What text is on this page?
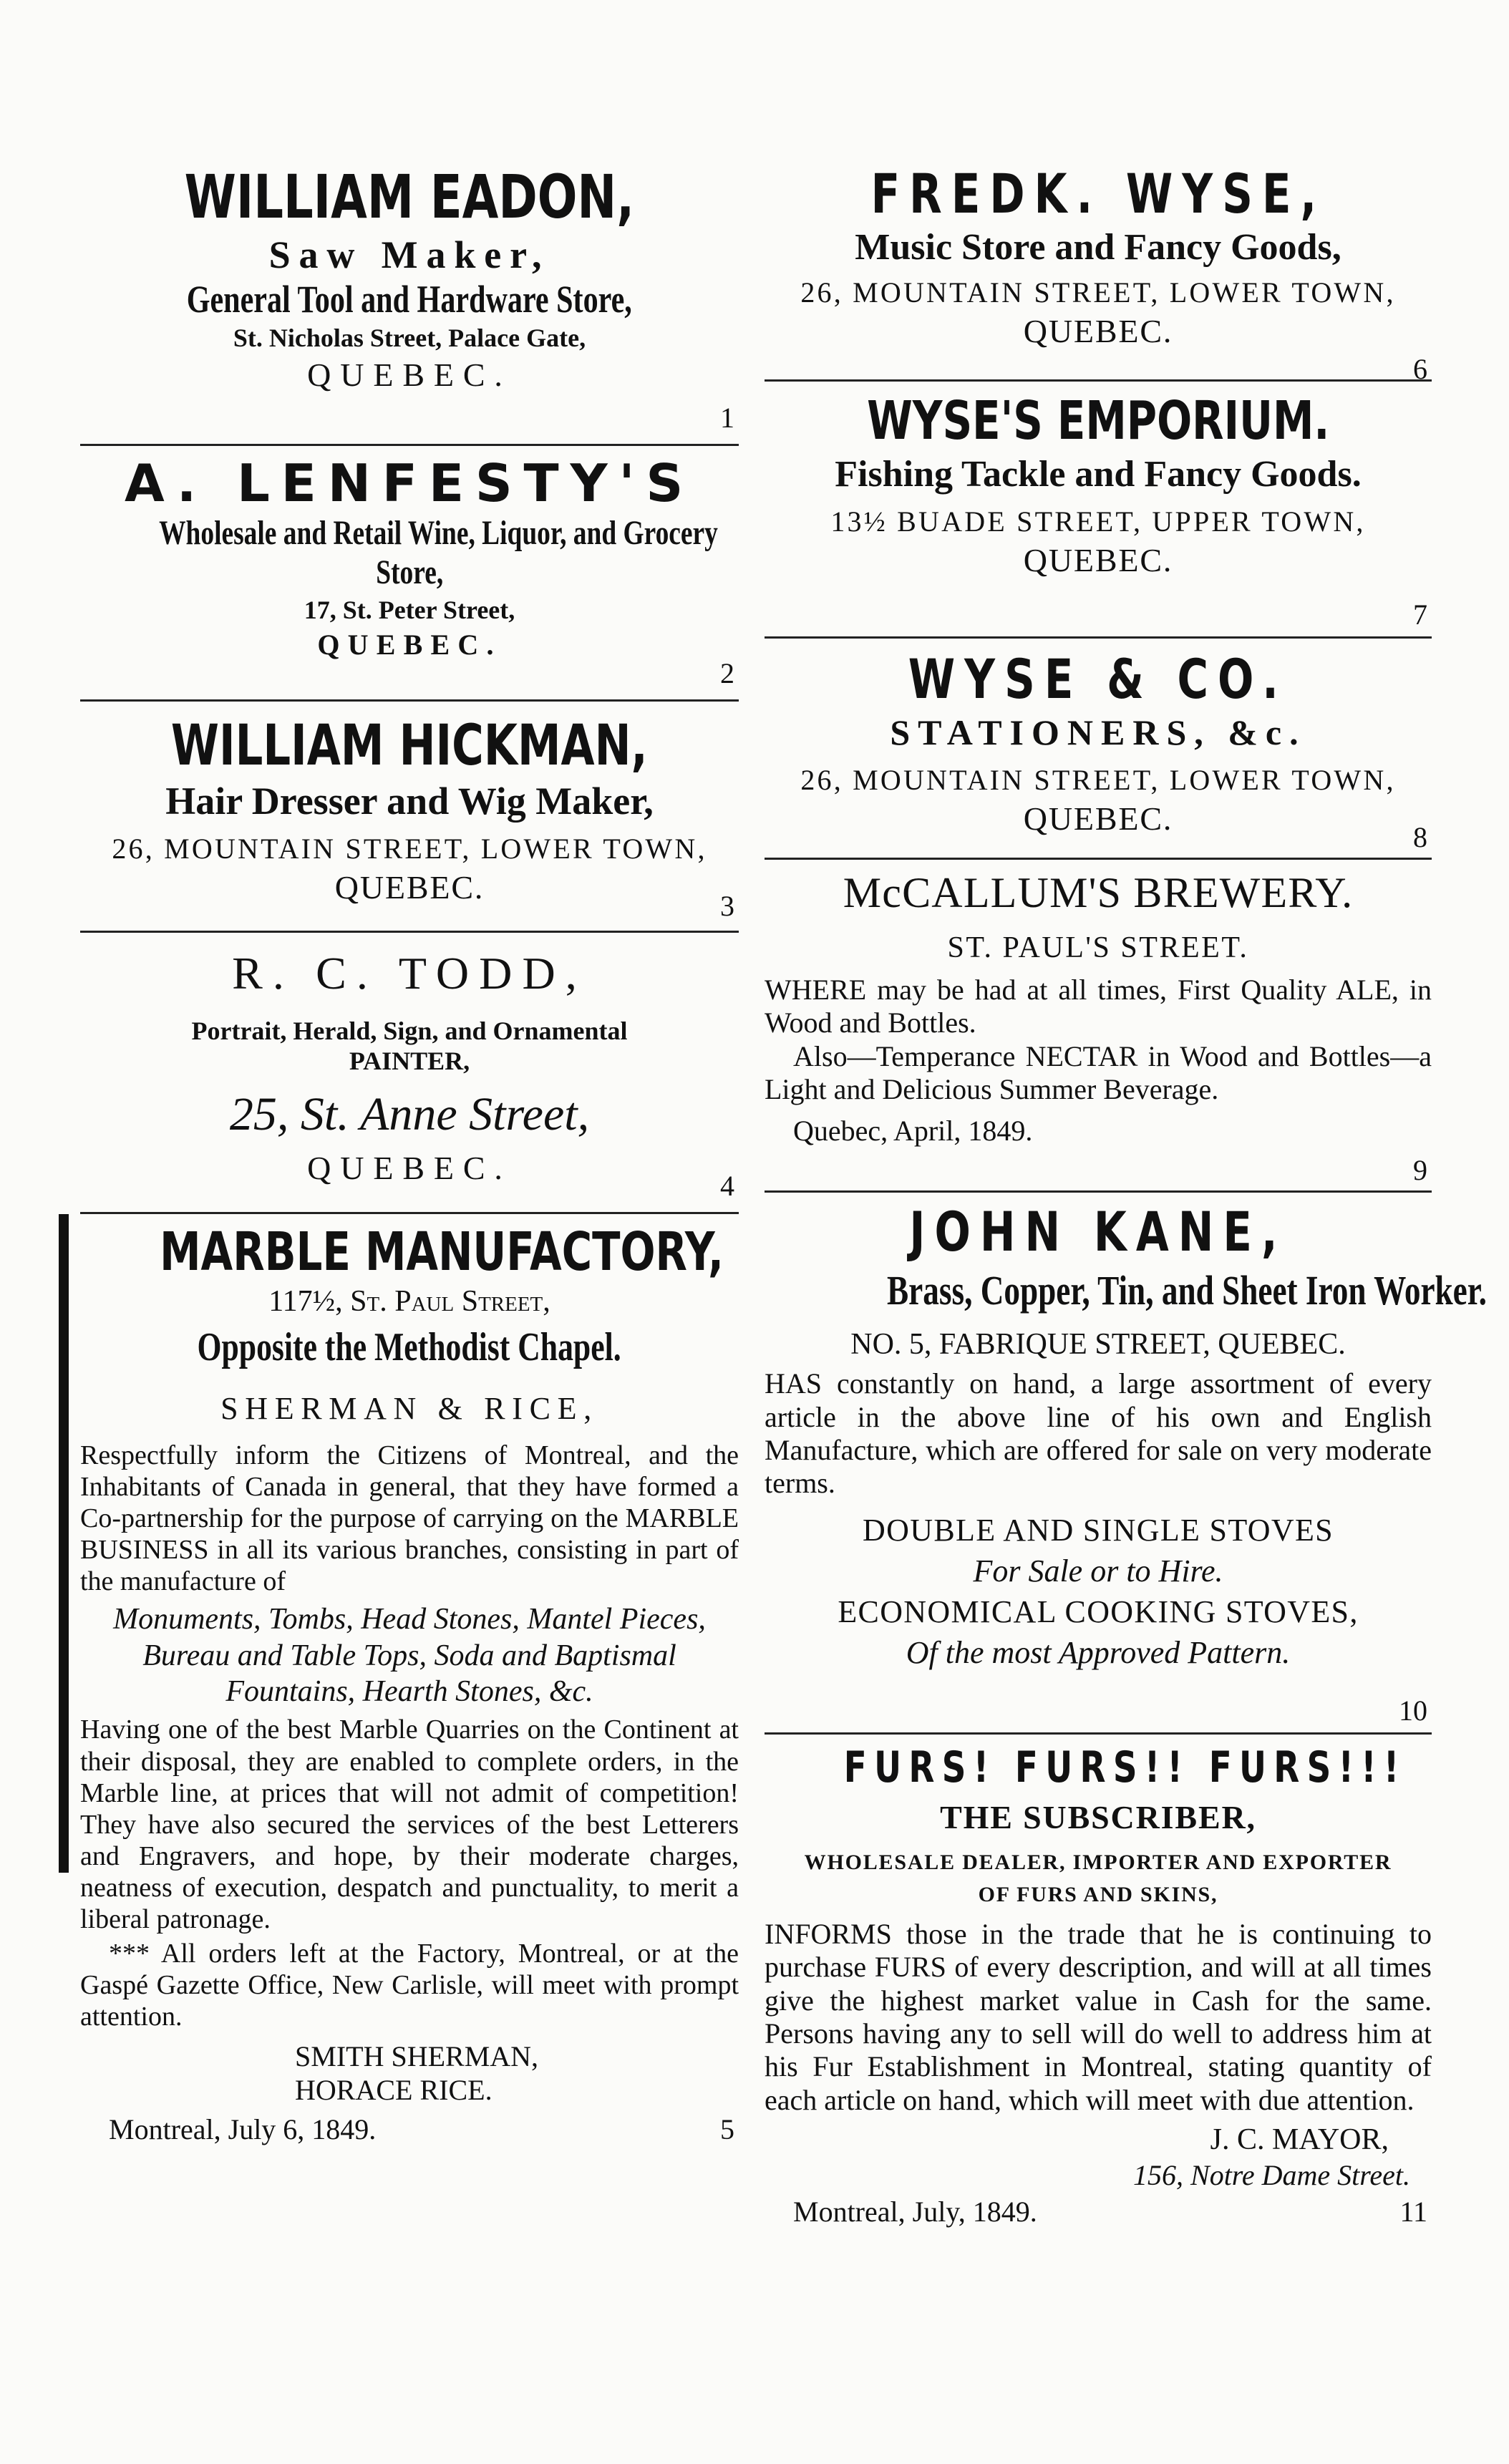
WILLIAM EADON,

Saw Maker,

General Tool and Hardware Store,

St. Nicholas Street, Palace Gate,

QUEBEC.

1
A. LENFESTY'S
Wholesale and Retail Wine, Liquor, and Grocery
Store,

17, St. Peter Street,

QUEBEC.

2
WILLIAM HICKMAN,

Hair Dresser and Wig Maker,

26, MOUNTAIN STREET, LOWER TOWN,

QUEBEC.

3

R. C. TODD,

Portrait, Herald, Sign, and Ornamental

PAINTER,

25, St. Anne Street,

QUEBEC.	4
MARBLE MANUFACTORY,

117½, St. Paul Street,

Opposite the Methodist Chapel.

SHERMAN & RICE,

Respectfully inform the Citizens of Montreal, and the Inhabitants of Canada in general, that they have formed a Co-partnership for the purpose of carrying on the MARBLE BUSINESS in all its various branches, consisting in part of the manufacture of

Monuments, Tombs, Head Stones, Mantel Pieces, Bureau and Table Tops, Soda and Baptismal Fountains, Hearth Stones, &c.

Having one of the best Marble Quarries on the Continent at their disposal, they are enabled to complete orders, in the Marble line, at prices that will not admit of competition! They have also secured the services of the best Letterers and Engravers, and hope, by their moderate charges, neatness of execution, despatch and punctuality, to merit a liberal patronage.

*** All orders left at the Factory, Montreal, or at the Gaspé Gazette Office, New Carlisle, will meet with prompt attention.

SMITH SHERMAN,

HORACE RICE.

Montreal, July 6, 1849.	5
FREDK. WYSE,

Music Store and Fancy Goods,

26, MOUNTAIN STREET, LOWER TOWN,

QUEBEC.

6
WYSE'S EMPORIUM.

Fishing Tackle and Fancy Goods.

13½ BUADE STREET, UPPER TOWN,

QUEBEC.

7
WYSE & CO.

STATIONERS, &c.

26, MOUNTAIN STREET, LOWER TOWN,

QUEBEC.

8

McCALLUM'S BREWERY.

ST. PAUL'S STREET.

WHERE may be had at all times, First Quality ALE, in Wood and Bottles.

Also—Temperance NECTAR in Wood and Bottles—a Light and Delicious Summer Beverage.

Quebec, April, 1849.

9
JOHN KANE,
Brass, Copper, Tin, and Sheet Iron Worker.

NO. 5, FABRIQUE STREET, QUEBEC.

HAS constantly on hand, a large assortment of every article in the above line of his own and English Manufacture, which are offered for sale on very moderate terms.

DOUBLE AND SINGLE STOVES

For Sale or to Hire.

ECONOMICAL COOKING STOVES,

Of the most Approved Pattern.

10
FURS! FURS!! FURS!!!

THE SUBSCRIBER,

WHOLESALE DEALER, IMPORTER AND EXPORTER OF FURS AND SKINS,

INFORMS those in the trade that he is continuing to purchase FURS of every description, and will at all times give the highest market value in Cash for the same. Persons having any to sell will do well to address him at his Fur Establishment in Montreal, stating quantity of each article on hand, which will meet with due attention.

J. C. MAYOR,

156, Notre Dame Street.

Montreal, July, 1849.	11
